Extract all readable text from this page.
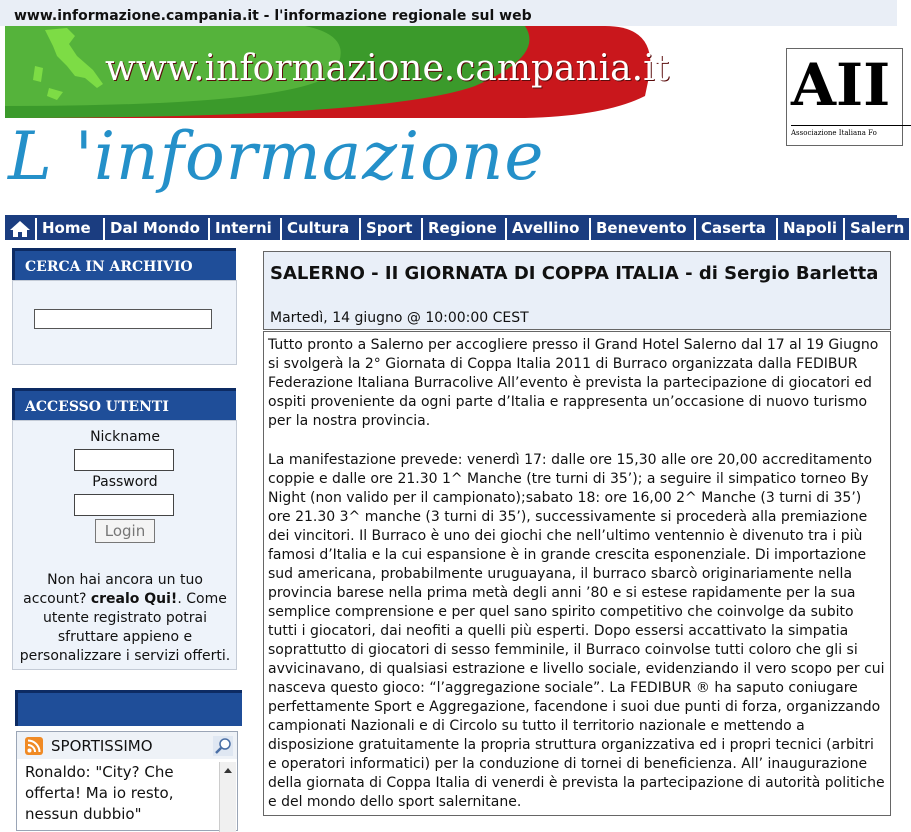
www.informazione.campania.it - l'informazione regionale sul web
www.informazione.campania.it AII
Associazione Italiana Fo
L 'informazione
Home	Dal Mondo	Interni	Cultura	Sport	Regione	Avellino	Benevento Caserta	Napoli Salern
CERCA IN ARCHIVIO
ACCESSO UTENTI
Nickname
Password
Login
Non hai ancora un tuo account? crealo Qui!. Come utente registrato potrai sfruttare appieno e personalizzare i servizi offerti.
SPORTISSIMO
Ronaldo: "City? Che offerta! Ma io resto, nessun dubbio"
SALERNO - II GIORNATA DI COPPA ITALIA - di Sergio Barletta
Martedì, 14 giugno @ 10:00:00 CEST

Tutto pronto a Salerno per accogliere presso il Grand Hotel Salerno dal 17 al 19 Giugno si svolgerà la 2° Giornata di Coppa Italia 2011 di Burraco organizzata dalla FEDIBUR Federazione Italiana Burracolive All’evento è prevista la partecipazione di giocatori ed ospiti proveniente da ogni parte d’Italia e rappresenta un’occasione di nuovo turismo per la nostra provincia.

La manifestazione prevede: venerdì 17: dalle ore 15,30 alle ore 20,00 accreditamento coppie e dalle ore 21.30 1^ Manche (tre turni di 35’); a seguire il simpatico torneo By Night (non valido per il campionato);sabato 18: ore 16,00 2^ Manche (3 turni di 35’) ore 21.30 3^ manche (3 turni di 35’), successivamente si procederà alla premiazione dei vincitori. Il Burraco è uno dei giochi che nell’ultimo ventennio è divenuto tra i più famosi d’Italia e la cui espansione è in grande crescita esponenziale. Di importazione sud americana, probabilmente uruguayana, il burraco sbarcò originariamente nella provincia barese nella prima metà degli anni ’80 e si estese rapidamente per la sua semplice comprensione e per quel sano spirito competitivo che coinvolge da subito tutti i giocatori, dai neofiti a quelli più esperti. Dopo essersi accattivato la simpatia soprattutto di giocatori di sesso femminile, il Burraco coinvolse tutti coloro che gli si avvicinavano, di qualsiasi estrazione e livello sociale, evidenziando il vero scopo per cui nasceva questo gioco: “l’aggregazione sociale”. La FEDIBUR ® ha saputo coniugare perfettamente Sport e Aggregazione, facendone i suoi due punti di forza, organizzando campionati Nazionali e di Circolo su tutto il territorio nazionale e mettendo a disposizione gratuitamente la propria struttura organizzativa ed i propri tecnici (arbitri e operatori informatici) per la conduzione di tornei di beneficienza. All’ inaugurazione della giornata di Coppa Italia di venerdi è prevista la partecipazione di autorità politiche e del mondo dello sport salernitane.
